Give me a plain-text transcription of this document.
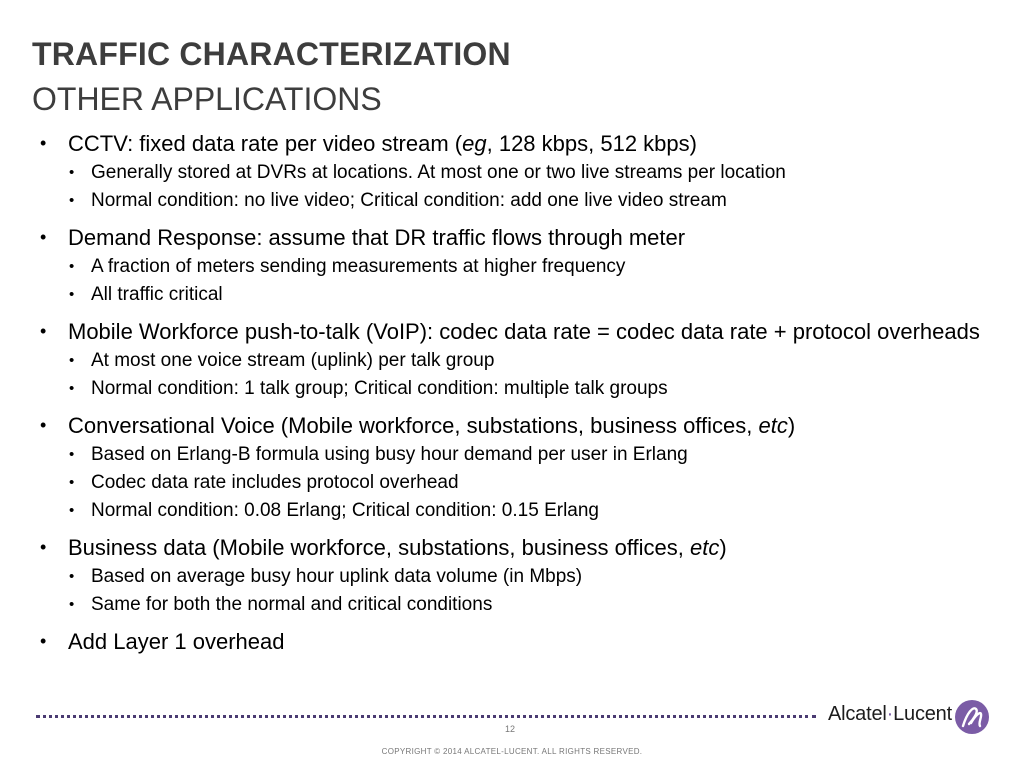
TRAFFIC CHARACTERIZATION
OTHER APPLICATIONS
• CCTV: fixed data rate per video stream (eg, 128 kbps, 512 kbps)
• Generally stored at DVRs at locations. At most one or two live streams per location
• Normal condition: no live video; Critical condition: add one live video stream
• Demand Response: assume that DR traffic flows through meter
• A fraction of meters sending measurements at higher frequency
• All traffic critical
• Mobile Workforce push-to-talk (VoIP): codec data rate = codec data rate + protocol overheads
• At most one voice stream (uplink) per talk group
• Normal condition: 1 talk group; Critical condition: multiple talk groups
• Conversational Voice (Mobile workforce, substations, business offices, etc)
• Based on Erlang-B formula using busy hour demand per user in Erlang
• Codec data rate includes protocol overhead
• Normal condition: 0.08 Erlang; Critical condition: 0.15 Erlang
• Business data (Mobile workforce, substations, business offices, etc)
• Based on average busy hour uplink data volume (in Mbps)
• Same for both the normal and critical conditions
• Add Layer 1 overhead
12
COPYRIGHT © 2014 ALCATEL-LUCENT. ALL RIGHTS RESERVED.
Alcatel·Lucent
